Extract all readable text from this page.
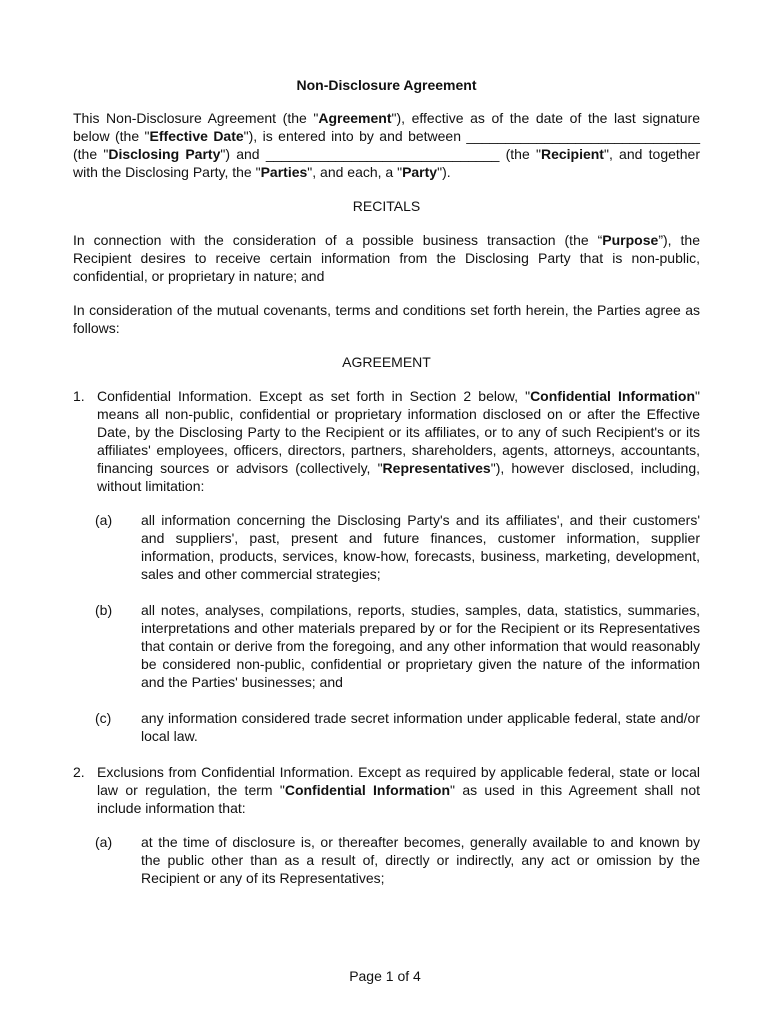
Non-Disclosure Agreement

This Non-Disclosure Agreement (the "Agreement"), effective as of the date of the last signature below (the "Effective Date"), is entered into by and between ______________________________ (the "Disclosing Party") and ______________________________ (the "Recipient", and together with the Disclosing Party, the "Parties", and each, a "Party").

RECITALS

In connection with the consideration of a possible business transaction (the “Purpose”), the Recipient desires to receive certain information from the Disclosing Party that is non-public, confidential, or proprietary in nature; and

In consideration of the mutual covenants, terms and conditions set forth herein, the Parties agree as follows:

AGREEMENT
1. Confidential Information. Except as set forth in Section 2 below, "Confidential Information" means all non-public, confidential or proprietary information disclosed on or after the Effective Date, by the Disclosing Party to the Recipient or its affiliates, or to any of such Recipient's or its affiliates' employees, officers, directors, partners, shareholders, agents, attorneys, accountants, financing sources or advisors (collectively, "Representatives"), however disclosed, including, without limitation:
(a) all information concerning the Disclosing Party's and its affiliates', and their customers' and suppliers', past, present and future finances, customer information, supplier information, products, services, know-how, forecasts, business, marketing, development, sales and other commercial strategies;
(b) all notes, analyses, compilations, reports, studies, samples, data, statistics, summaries, interpretations and other materials prepared by or for the Recipient or its Representatives that contain or derive from the foregoing, and any other information that would reasonably be considered non-public, confidential or proprietary given the nature of the information and the Parties' businesses; and
(c) any information considered trade secret information under applicable federal, state and/or local law.
2. Exclusions from Confidential Information. Except as required by applicable federal, state or local law or regulation, the term "Confidential Information" as used in this Agreement shall not include information that:
(a) at the time of disclosure is, or thereafter becomes, generally available to and known by the public other than as a result of, directly or indirectly, any act or omission by the Recipient or any of its Representatives;
Page 1 of 4
